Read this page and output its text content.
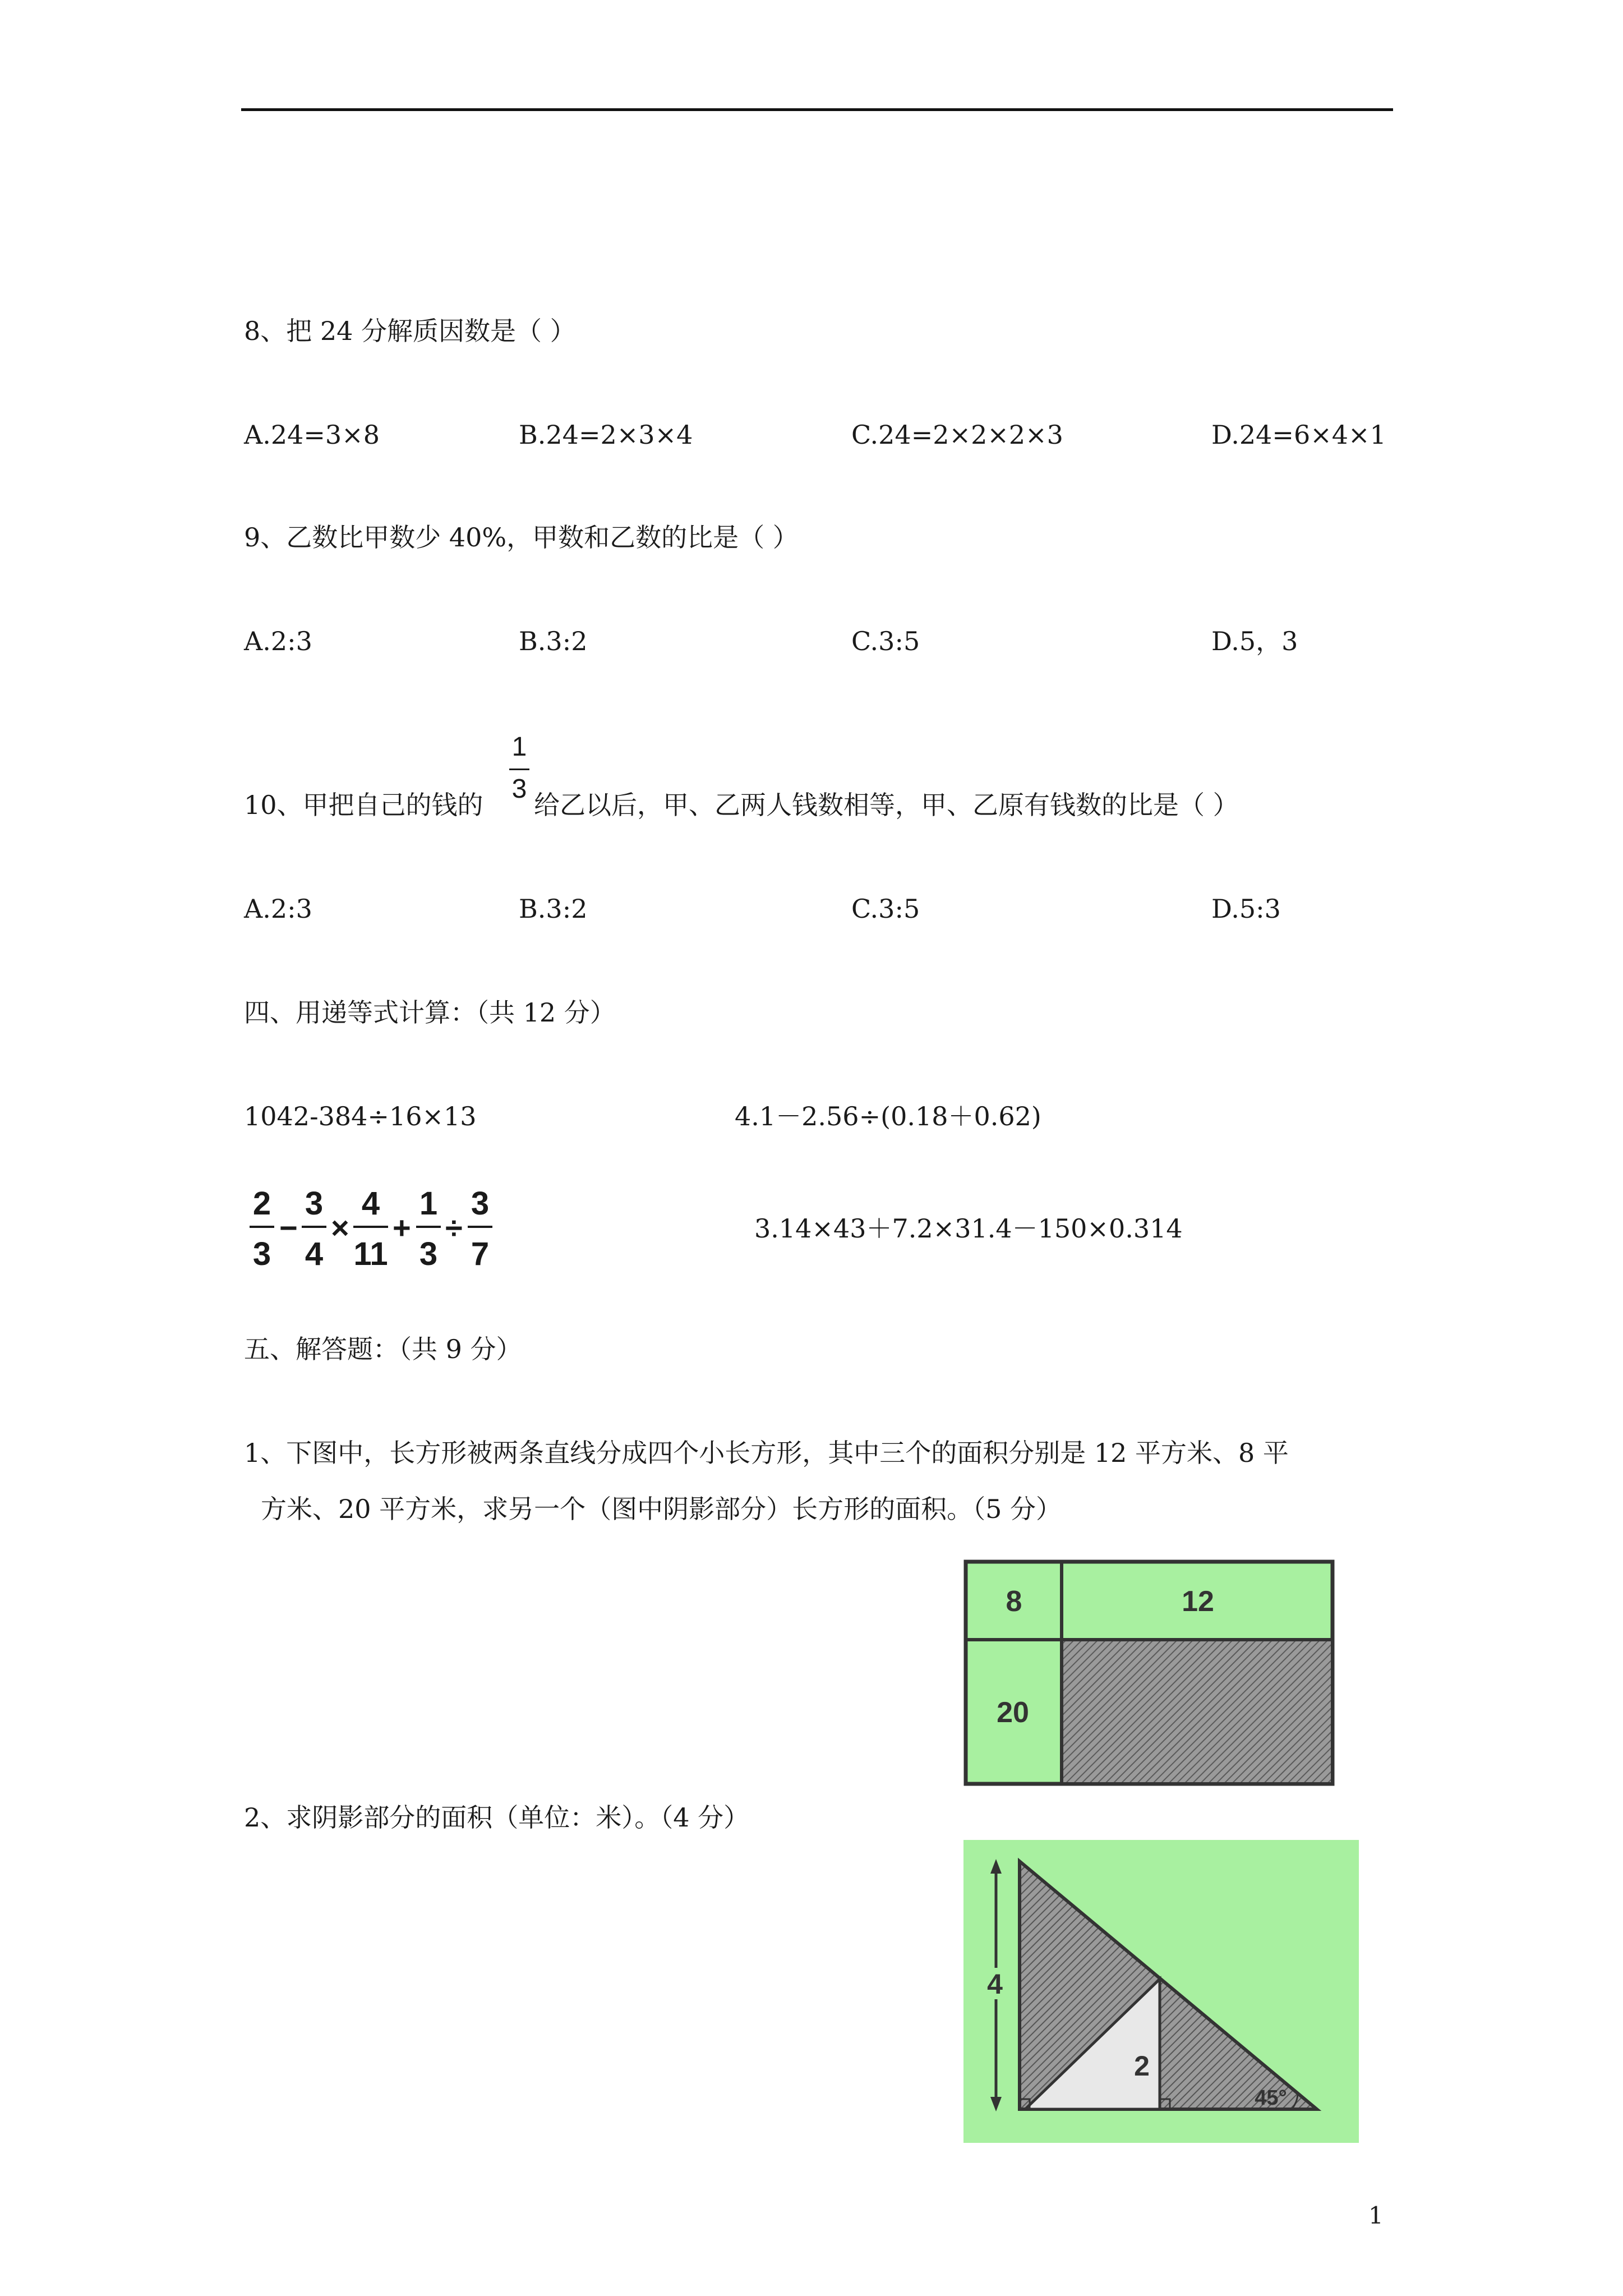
8、把 24 分解质因数是（ ）
A.24=3×8	B.24=2×3×4	C.24=2×2×2×3	D.24=6×4×1
9、乙数比甲数少 40%，甲数和乙数的比是（ ）
A.2:3	B.3:2	C.3:5	D.5，3
10、甲把自己的钱的
1
3
给乙以后，甲、乙两人钱数相等，甲、乙原有钱数的比是（ ）
A.2:3	B.3:2	C.3:5	D.5:3
四、用递等式计算：（共 12 分）
1042-384÷16×13	4.1－2.56÷(0.18＋0.62)
2
3
−
3
4
×
4
11
+
1
3
÷
3
7
3.14×43＋7.2×31.4－150×0.314
五、解答题：（共 9 分）
1、下图中，长方形被两条直线分成四个小长方形，其中三个的面积分别是 12 平方米、8 平
方米、20 平方米，求另一个（图中阴影部分）长方形的面积。（5 分）
8	12
20
2、求阴影部分的面积（单位：米）。（4 分）
4
2
45°
1
